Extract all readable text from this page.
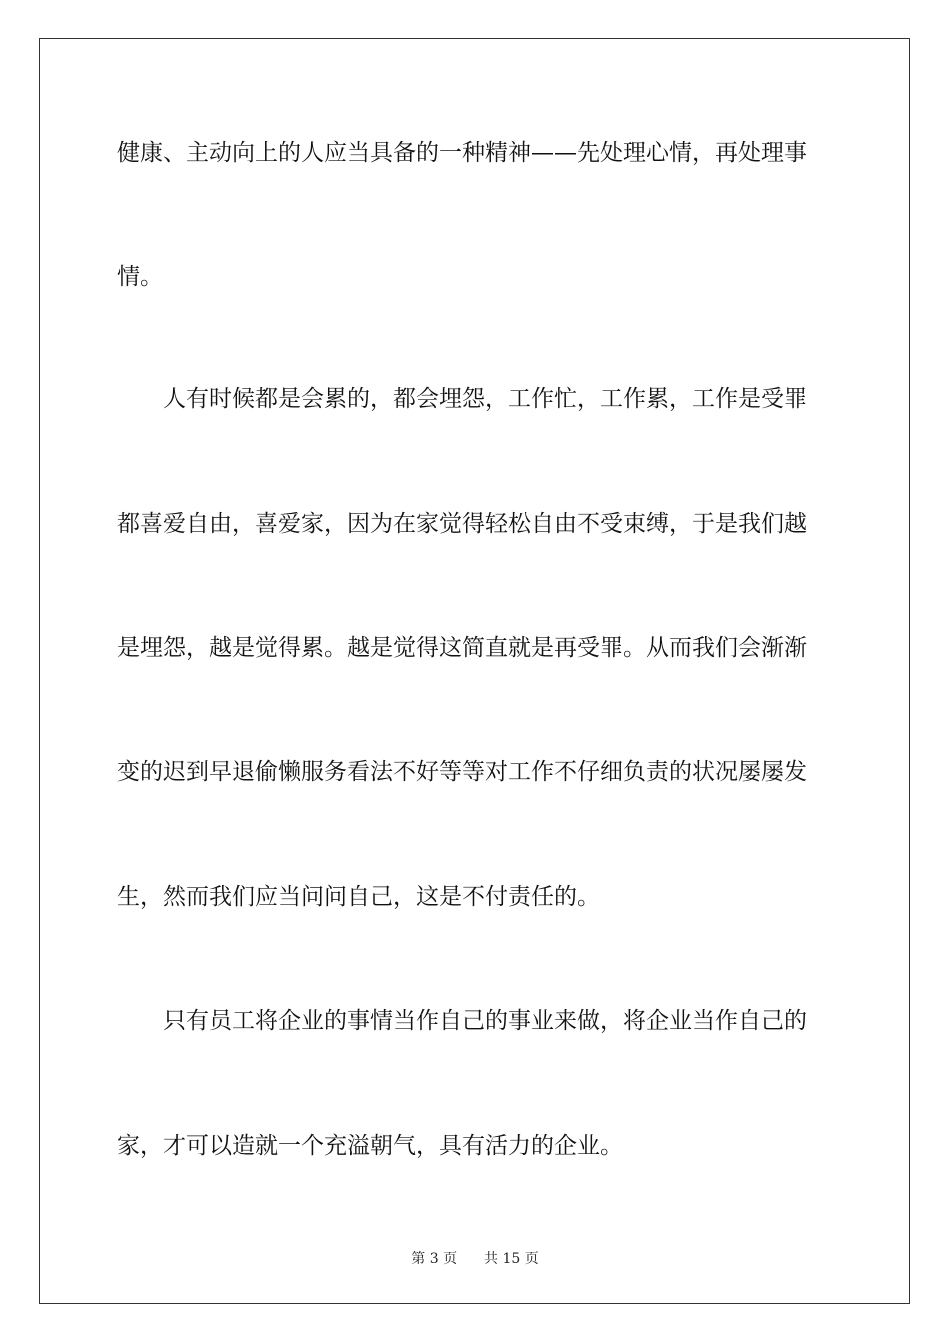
健康、主动向上的人应当具备的一种精神——先处理心情，再处理事
情。
　　人有时候都是会累的，都会埋怨，工作忙，工作累，工作是受罪
都喜爱自由，喜爱家，因为在家觉得轻松自由不受束缚，于是我们越
是埋怨，越是觉得累。越是觉得这简直就是再受罪。从而我们会渐渐
变的迟到早退偷懒服务看法不好等等对工作不仔细负责的状况屡屡发
生，然而我们应当问问自己，这是不付责任的。
　　只有员工将企业的事情当作自己的事业来做，将企业当作自己的
家，才可以造就一个充溢朝气，具有活力的企业。
第 3 页 共 15 页
